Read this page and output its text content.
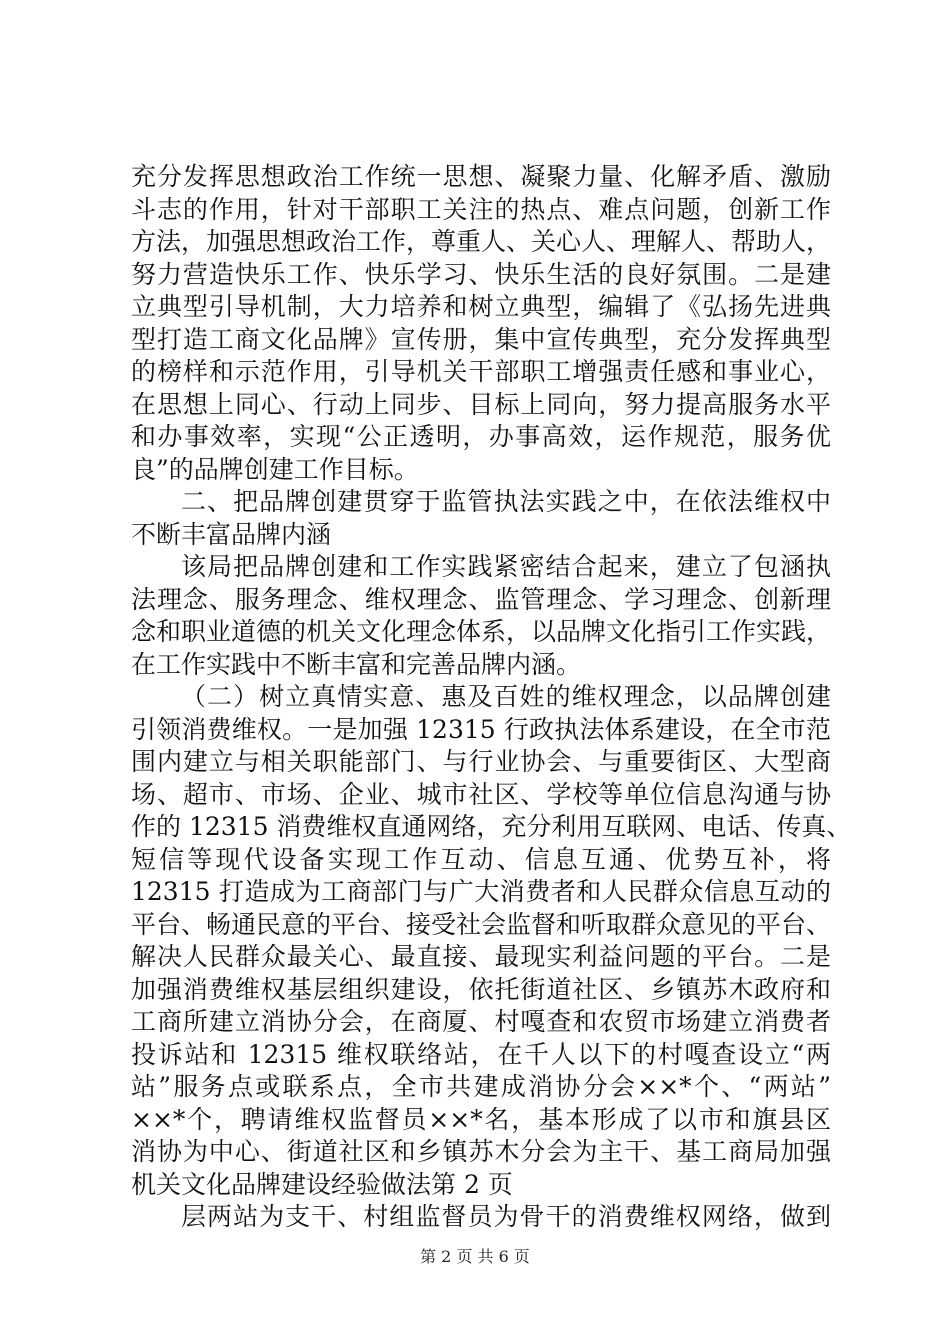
充分发挥思想政治工作统一思想、凝聚力量、化解矛盾、激励
斗志的作用，针对干部职工关注的热点、难点问题，创新工作
方法，加强思想政治工作，尊重人、关心人、理解人、帮助人，
努力营造快乐工作、快乐学习、快乐生活的良好氛围。二是建
立典型引导机制，大力培养和树立典型，编辑了《弘扬先进典
型打造工商文化品牌》宣传册，集中宣传典型，充分发挥典型
的榜样和示范作用，引导机关干部职工增强责任感和事业心，
在思想上同心、行动上同步、目标上同向，努力提高服务水平
和办事效率，实现“公正透明，办事高效，运作规范，服务优
良”的品牌创建工作目标。
二、把品牌创建贯穿于监管执法实践之中，在依法维权中
不断丰富品牌内涵
该局把品牌创建和工作实践紧密结合起来，建立了包涵执
法理念、服务理念、维权理念、监管理念、学习理念、创新理
念和职业道德的机关文化理念体系，以品牌文化指引工作实践，
在工作实践中不断丰富和完善品牌内涵。
（二）树立真情实意、惠及百姓的维权理念，以品牌创建
引领消费维权。一是加强 12315 行政执法体系建设，在全市范
围内建立与相关职能部门、与行业协会、与重要街区、大型商
场、超市、市场、企业、城市社区、学校等单位信息沟通与协
作的 12315 消费维权直通网络，充分利用互联网、电话、传真、
短信等现代设备实现工作互动、信息互通、优势互补，将
12315 打造成为工商部门与广大消费者和人民群众信息互动的
平台、畅通民意的平台、接受社会监督和听取群众意见的平台、
解决人民群众最关心、最直接、最现实利益问题的平台。二是
加强消费维权基层组织建设，依托街道社区、乡镇苏木政府和
工商所建立消协分会，在商厦、村嘎查和农贸市场建立消费者
投诉站和 12315 维权联络站，在千人以下的村嘎查设立“两
站”服务点或联系点，全市共建成消协分会××*个、“两站”
××*个，聘请维权监督员××*名，基本形成了以市和旗县区
消协为中心、街道社区和乡镇苏木分会为主干、基工商局加强
机关文化品牌建设经验做法第 2 页
层两站为支干、村组监督员为骨干的消费维权网络，做到
第 2 页 共 6 页
